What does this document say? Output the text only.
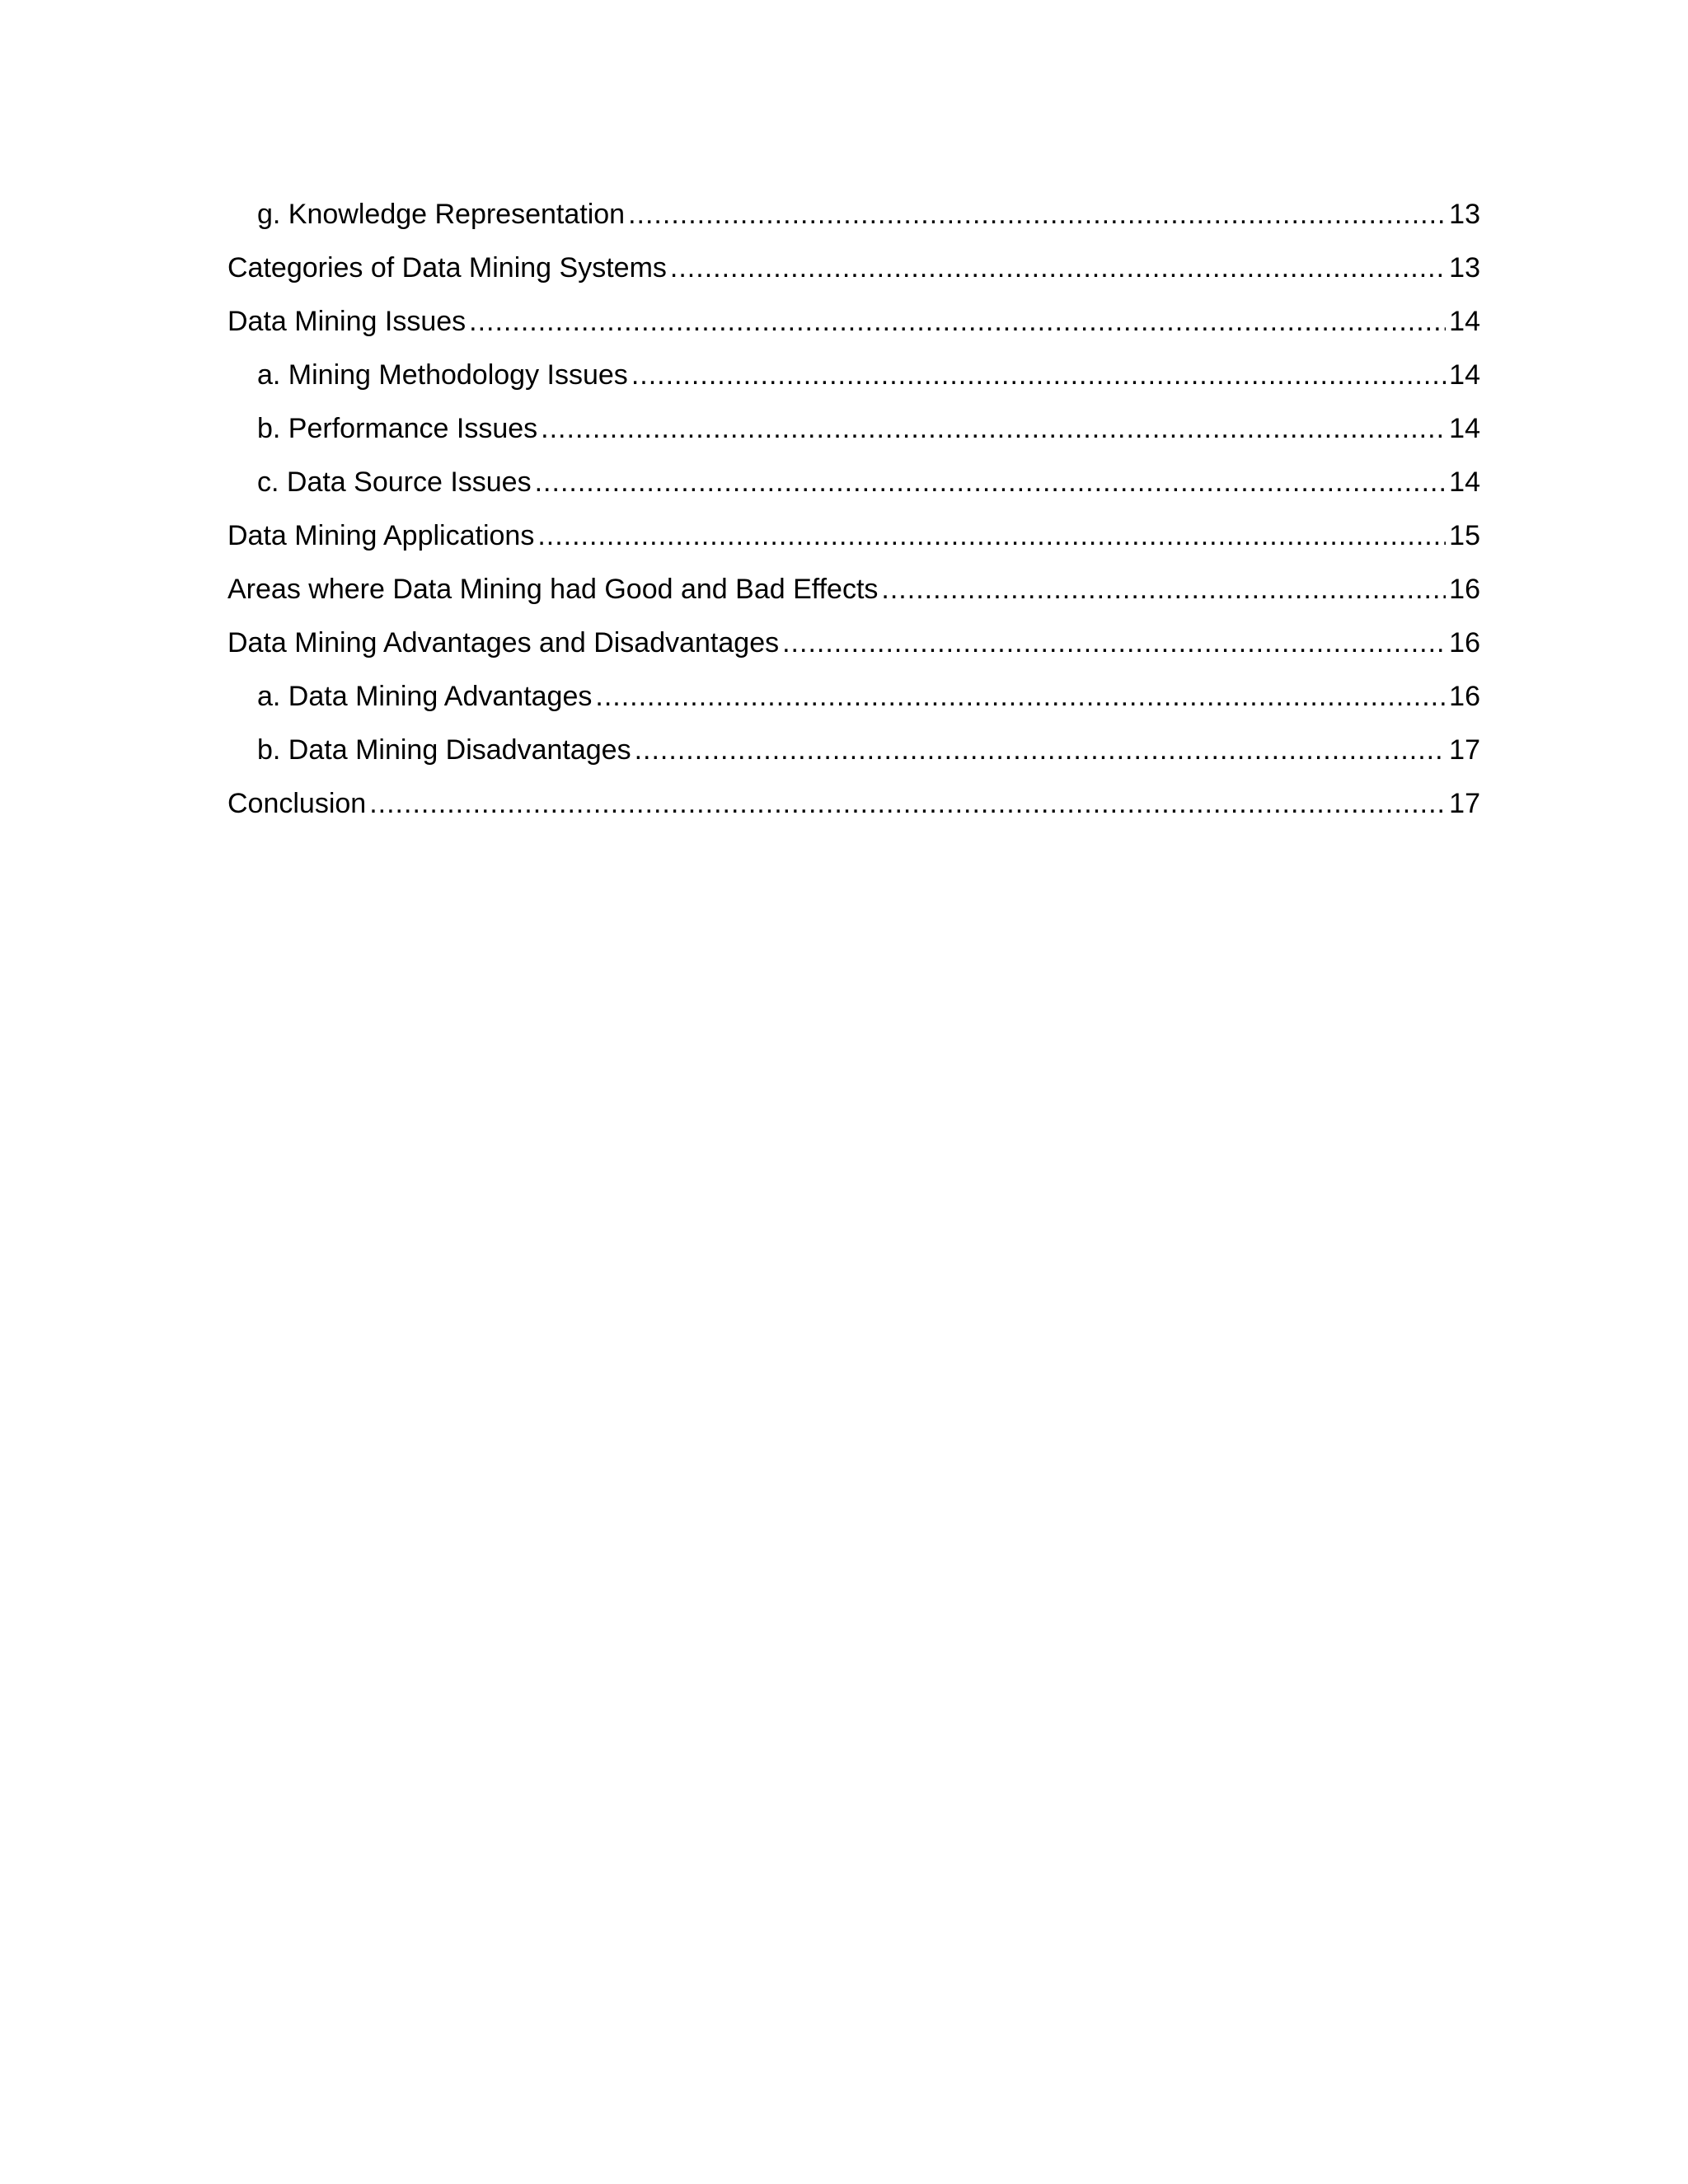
g. Knowledge Representation .....	13
Categories of Data Mining Systems .....	13
Data Mining Issues .....	14
a. Mining Methodology Issues .....	14
b. Performance Issues .....	14
c. Data Source Issues .....	14
Data Mining Applications .....	15
Areas where Data Mining had Good and Bad Effects .....	16
Data Mining Advantages and Disadvantages .....	16
a. Data Mining Advantages .....	16
b. Data Mining Disadvantages .....	17
Conclusion .....	17
